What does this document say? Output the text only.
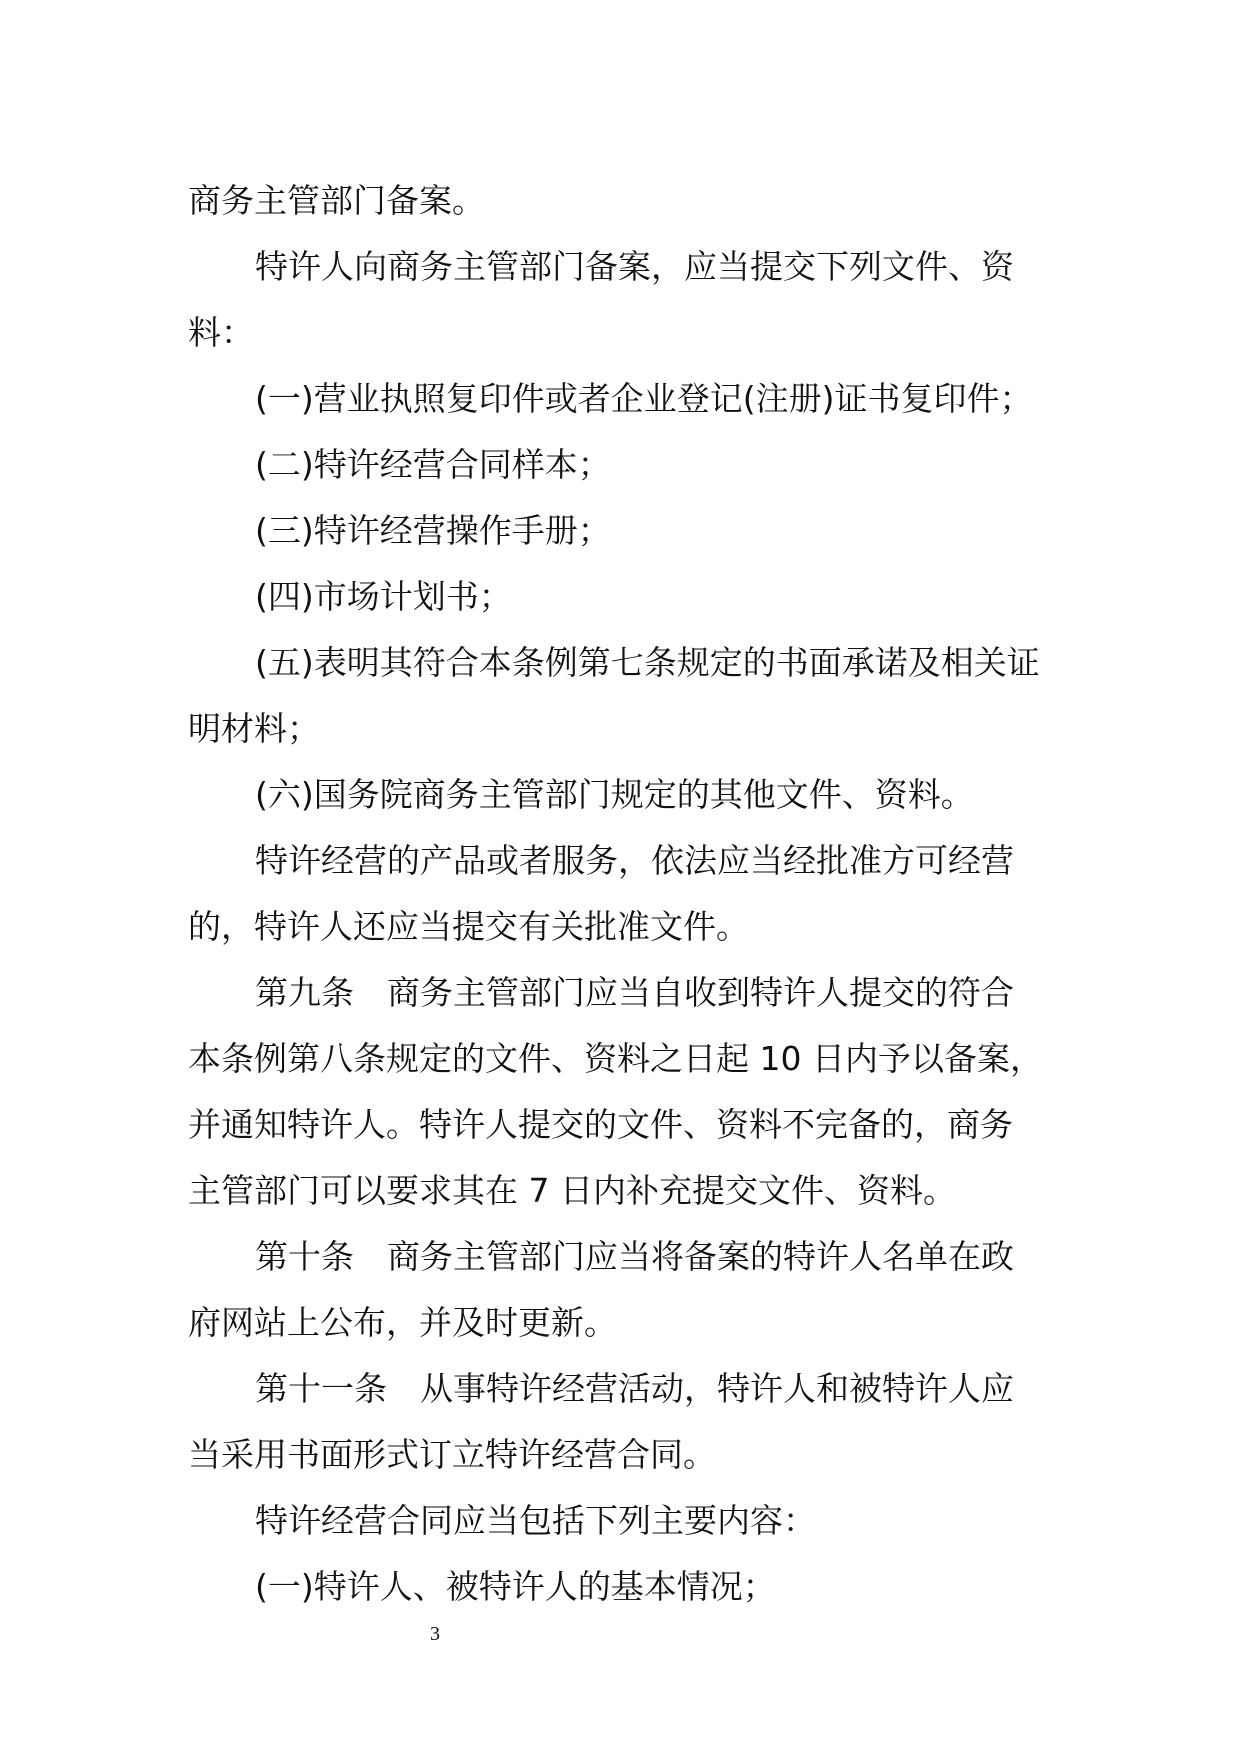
商务主管部门备案。
特许人向商务主管部门备案，应当提交下列文件、资
料：
(一)营业执照复印件或者企业登记(注册)证书复印件；
(二)特许经营合同样本；
(三)特许经营操作手册；
(四)市场计划书；
(五)表明其符合本条例第七条规定的书面承诺及相关证
明材料；
(六)国务院商务主管部门规定的其他文件、资料。
特许经营的产品或者服务，依法应当经批准方可经营
的，特许人还应当提交有关批准文件。
第九条　商务主管部门应当自收到特许人提交的符合
本条例第八条规定的文件、资料之日起 10 日内予以备案，
并通知特许人。特许人提交的文件、资料不完备的，商务
主管部门可以要求其在 7 日内补充提交文件、资料。
第十条　商务主管部门应当将备案的特许人名单在政
府网站上公布，并及时更新。
第十一条　从事特许经营活动，特许人和被特许人应
当采用书面形式订立特许经营合同。
特许经营合同应当包括下列主要内容：
(一)特许人、被特许人的基本情况；
3
